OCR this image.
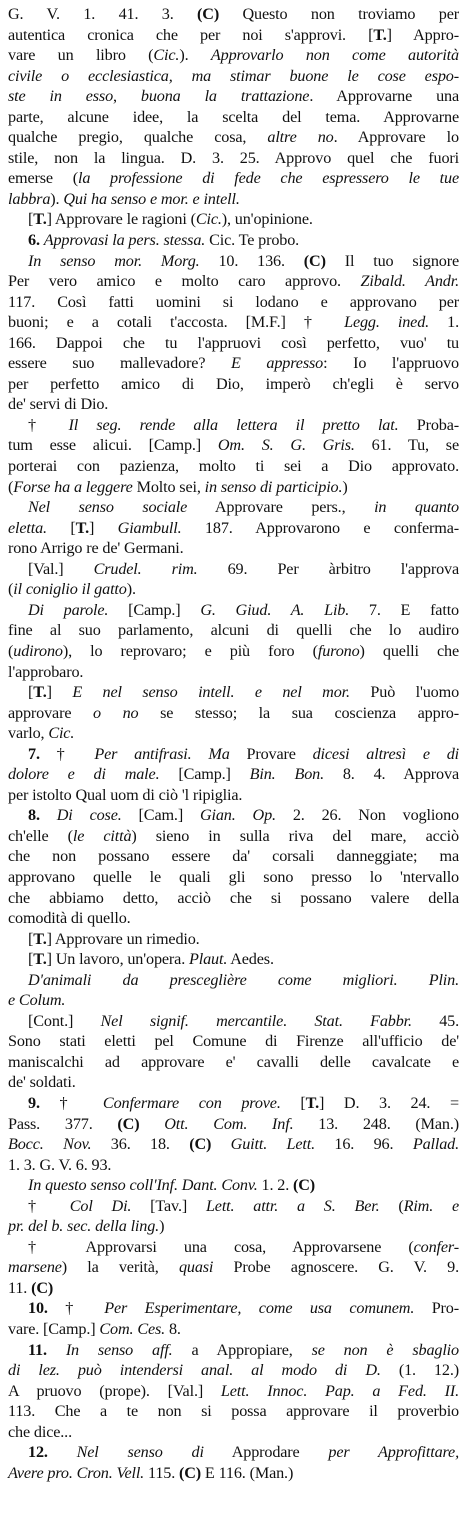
G. V. 1. 41. 3. (C) Questo non troviamo per
autentica cronica che per noi s'approvi. [T.] Appro-
vare un libro (Cic.). Approvarlo non come autorità
civile o ecclesiastica, ma stimar buone le cose espo-
ste in esso, buona la trattazione. Approvarne una
parte, alcune idee, la scelta del tema. Approvarne
qualche pregio, qualche cosa, altre no. Approvare lo
stile, non la lingua. D. 3. 25. Approvo quel che fuori
emerse (la professione di fede che espressero le tue
labbra). Qui ha senso e mor. e intell.
[T.] Approvare le ragioni (Cic.), un'opinione.
6. Approvasi la pers. stessa. Cic. Te probo.
In senso mor. Morg. 10. 136. (C) Il tuo signore
Per vero amico e molto caro approvo. Zibald. Andr.
117. Così fatti uomini si lodano e approvano per
buoni; e a cotali t'accosta. [M.F.] † Legg. ined. 1.
166. Dappoi che tu l'appruovi così perfetto, vuo' tu
essere suo mallevadore? E appresso: Io l'appruovo
per perfetto amico di Dio, imperò ch'egli è servo
de' servi di Dio.
† Il seg. rende alla lettera il pretto lat. Proba-
tum esse alicui. [Camp.] Om. S. G. Gris. 61. Tu, se
porterai con pazienza, molto ti sei a Dio approvato.
(Forse ha a leggere Molto sei, in senso di participio.)
Nel senso sociale Approvare pers., in quanto
eletta. [T.] Giambull. 187. Approvarono e conferma-
rono Arrigo re de' Germani.
[Val.] Crudel. rim. 69. Per àrbitro l'approva
(il coniglio il gatto).
Di parole. [Camp.] G. Giud. A. Lib. 7. E fatto
fine al suo parlamento, alcuni di quelli che lo audiro
(udirono), lo reprovaro; e più foro (furono) quelli che
l'approbaro.
[T.] E nel senso intell. e nel mor. Può l'uomo
approvare o no se stesso; la sua coscienza appro-
varlo, Cic.
7. † Per antifrasi. Ma Provare dicesi altresì e di
dolore e di male. [Camp.] Bin. Bon. 8. 4. Approva
per istolto Qual uom di ciò 'l ripiglia.
8. Di cose. [Cam.] Gian. Op. 2. 26. Non vogliono
ch'elle (le città) sieno in sulla riva del mare, acciò
che non possano essere da' corsali danneggiate; ma
approvano quelle le quali gli sono presso lo 'ntervallo
che abbiamo detto, acciò che si possano valere della
comodità di quello.
[T.] Approvare un rimedio.
[T.] Un lavoro, un'opera. Plaut. Aedes.
D'animali da presceglière come migliori. Plin.
e Colum.
[Cont.] Nel signif. mercantile. Stat. Fabbr. 45.
Sono stati eletti pel Comune di Firenze all'ufficio de'
maniscalchi ad approvare e' cavalli delle cavalcate e
de' soldati.
9. † Confermare con prove. [T.] D. 3. 24. =
Pass. 377. (C) Ott. Com. Inf. 13. 248. (Man.)
Bocc. Nov. 36. 18. (C) Guitt. Lett. 16. 96. Pallad.
1. 3. G. V. 6. 93.
In questo senso coll'Inf. Dant. Conv. 1. 2. (C)
† Col Di. [Tav.] Lett. attr. a S. Ber. (Rim. e
pr. del b. sec. della ling.)
† Approvarsi una cosa, Approvarsene (confer-
marsene) la verità, quasi Probe agnoscere. G. V. 9.
11. (C)
10. † Per Esperimentare, come usa comunem. Pro-
vare. [Camp.] Com. Ces. 8.
11. In senso aff. a Appropiare, se non è sbaglio
di lez. può intendersi anal. al modo di D. (1. 12.)
A pruovo (prope). [Val.] Lett. Innoc. Pap. a Fed. II.
113. Che a te non si possa approvare il proverbio
che dice...
12. Nel senso di Approdare per Approfittare,
Avere pro. Cron. Vell. 115. (C) E 116. (Man.)
